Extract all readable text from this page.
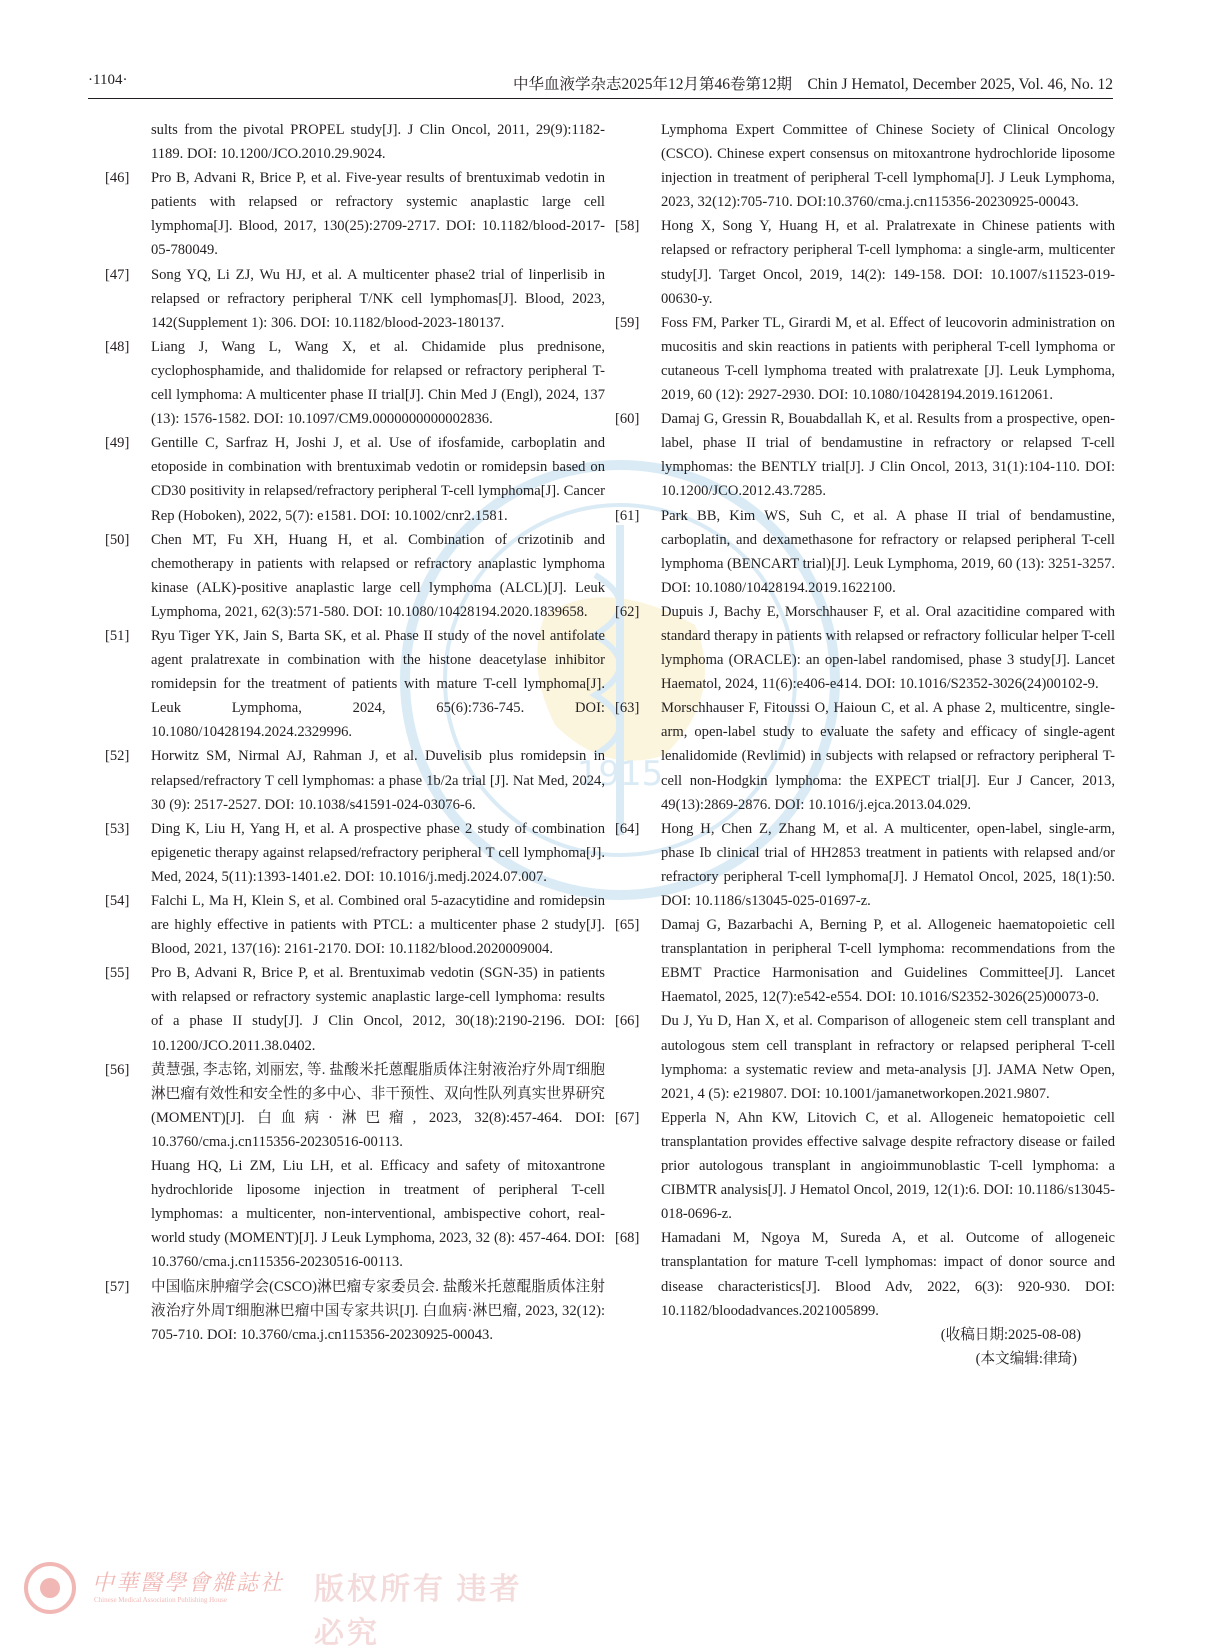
·1104·	中华血液学杂志2025年12月第46卷第12期　Chin J Hematol, December 2025, Vol. 46, No. 12
1915
sults from the pivotal PROPEL study[J]. J Clin Oncol, 2011, 29(9):1182-1189. DOI: 10.1200/JCO.2010.29.9024.
[46] Pro B, Advani R, Brice P, et al. Five-year results of brentuximab vedotin in patients with relapsed or refractory systemic anaplastic large cell lymphoma[J]. Blood, 2017, 130(25):2709-2717. DOI: 10.1182/blood-2017-05-780049.
[47] Song YQ, Li ZJ, Wu HJ, et al. A multicenter phase2 trial of linperlisib in relapsed or refractory peripheral T/NK cell lymphomas[J]. Blood, 2023, 142(Supplement 1): 306. DOI: 10.1182/blood-2023-180137.
[48] Liang J, Wang L, Wang X, et al. Chidamide plus prednisone, cyclophosphamide, and thalidomide for relapsed or refractory peripheral T-cell lymphoma: A multicenter phase II trial[J]. Chin Med J (Engl), 2024, 137 (13): 1576-1582. DOI: 10.1097/CM9.0000000000002836.
[49] Gentille C, Sarfraz H, Joshi J, et al. Use of ifosfamide, carboplatin and etoposide in combination with brentuximab vedotin or romidepsin based on CD30 positivity in relapsed/refractory peripheral T-cell lymphoma[J]. Cancer Rep (Hoboken), 2022, 5(7): e1581. DOI: 10.1002/cnr2.1581.
[50] Chen MT, Fu XH, Huang H, et al. Combination of crizotinib and chemotherapy in patients with relapsed or refractory anaplastic lymphoma kinase (ALK)-positive anaplastic large cell lymphoma (ALCL)[J]. Leuk Lymphoma, 2021, 62(3):571-580. DOI: 10.1080/10428194.2020.1839658.
[51] Ryu Tiger YK, Jain S, Barta SK, et al. Phase II study of the novel antifolate agent pralatrexate in combination with the histone deacetylase inhibitor romidepsin for the treatment of patients with mature T-cell lymphoma[J]. Leuk Lymphoma, 2024, 65(6):736-745. DOI: 10.1080/10428194.2024.2329996.
[52] Horwitz SM, Nirmal AJ, Rahman J, et al. Duvelisib plus romidepsin in relapsed/refractory T cell lymphomas: a phase 1b/2a trial [J]. Nat Med, 2024, 30 (9): 2517-2527. DOI: 10.1038/s41591-024-03076-6.
[53] Ding K, Liu H, Yang H, et al. A prospective phase 2 study of combination epigenetic therapy against relapsed/refractory peripheral T cell lymphoma[J]. Med, 2024, 5(11):1393-1401.e2. DOI: 10.1016/j.medj.2024.07.007.
[54] Falchi L, Ma H, Klein S, et al. Combined oral 5-azacytidine and romidepsin are highly effective in patients with PTCL: a multicenter phase 2 study[J]. Blood, 2021, 137(16): 2161-2170. DOI: 10.1182/blood.2020009004.
[55] Pro B, Advani R, Brice P, et al. Brentuximab vedotin (SGN-35) in patients with relapsed or refractory systemic anaplastic large-cell lymphoma: results of a phase II study[J]. J Clin Oncol, 2012, 30(18):2190-2196. DOI: 10.1200/JCO.2011.38.0402.
[56] 黄慧强, 李志铭, 刘丽宏, 等. 盐酸米托蒽醌脂质体注射液治疗外周T细胞淋巴瘤有效性和安全性的多中心、非干预性、双向性队列真实世界研究(MOMENT)[J]. 白血病·淋巴瘤, 2023, 32(8):457-464. DOI: 10.3760/cma.j.cn115356-20230516-00113.
Huang HQ, Li ZM, Liu LH, et al. Efficacy and safety of mitoxantrone hydrochloride liposome injection in treatment of peripheral T-cell lymphomas: a multicenter, non-interventional, ambispective cohort, real-world study (MOMENT)[J]. J Leuk Lymphoma, 2023, 32 (8): 457-464. DOI: 10.3760/cma.j.cn115356-20230516-00113.
[57] 中国临床肿瘤学会(CSCO)淋巴瘤专家委员会. 盐酸米托蒽醌脂质体注射液治疗外周T细胞淋巴瘤中国专家共识[J]. 白血病·淋巴瘤, 2023, 32(12): 705-710. DOI: 10.3760/cma.j.cn115356-20230925-00043.
Lymphoma Expert Committee of Chinese Society of Clinical Oncology (CSCO). Chinese expert consensus on mitoxantrone hydrochloride liposome injection in treatment of peripheral T-cell lymphoma[J]. J Leuk Lymphoma, 2023, 32(12):705-710. DOI:10.3760/cma.j.cn115356-20230925-00043.
[58] Hong X, Song Y, Huang H, et al. Pralatrexate in Chinese patients with relapsed or refractory peripheral T-cell lymphoma: a single-arm, multicenter study[J]. Target Oncol, 2019, 14(2): 149-158. DOI: 10.1007/s11523-019-00630-y.
[59] Foss FM, Parker TL, Girardi M, et al. Effect of leucovorin administration on mucositis and skin reactions in patients with peripheral T-cell lymphoma or cutaneous T-cell lymphoma treated with pralatrexate [J]. Leuk Lymphoma, 2019, 60 (12): 2927-2930. DOI: 10.1080/10428194.2019.1612061.
[60] Damaj G, Gressin R, Bouabdallah K, et al. Results from a prospective, open-label, phase II trial of bendamustine in refractory or relapsed T-cell lymphomas: the BENTLY trial[J]. J Clin Oncol, 2013, 31(1):104-110. DOI: 10.1200/JCO.2012.43.7285.
[61] Park BB, Kim WS, Suh C, et al. A phase II trial of bendamustine, carboplatin, and dexamethasone for refractory or relapsed peripheral T-cell lymphoma (BENCART trial)[J]. Leuk Lymphoma, 2019, 60 (13): 3251-3257. DOI: 10.1080/10428194.2019.1622100.
[62] Dupuis J, Bachy E, Morschhauser F, et al. Oral azacitidine compared with standard therapy in patients with relapsed or refractory follicular helper T-cell lymphoma (ORACLE): an open-label randomised, phase 3 study[J]. Lancet Haematol, 2024, 11(6):e406-e414. DOI: 10.1016/S2352-3026(24)00102-9.
[63] Morschhauser F, Fitoussi O, Haioun C, et al. A phase 2, multicentre, single-arm, open-label study to evaluate the safety and efficacy of single-agent lenalidomide (Revlimid) in subjects with relapsed or refractory peripheral T-cell non-Hodgkin lymphoma: the EXPECT trial[J]. Eur J Cancer, 2013, 49(13):2869-2876. DOI: 10.1016/j.ejca.2013.04.029.
[64] Hong H, Chen Z, Zhang M, et al. A multicenter, open-label, single-arm, phase Ib clinical trial of HH2853 treatment in patients with relapsed and/or refractory peripheral T-cell lymphoma[J]. J Hematol Oncol, 2025, 18(1):50. DOI: 10.1186/s13045-025-01697-z.
[65] Damaj G, Bazarbachi A, Berning P, et al. Allogeneic haematopoietic cell transplantation in peripheral T-cell lymphoma: recommendations from the EBMT Practice Harmonisation and Guidelines Committee[J]. Lancet Haematol, 2025, 12(7):e542-e554. DOI: 10.1016/S2352-3026(25)00073-0.
[66] Du J, Yu D, Han X, et al. Comparison of allogeneic stem cell transplant and autologous stem cell transplant in refractory or relapsed peripheral T-cell lymphoma: a systematic review and meta-analysis [J]. JAMA Netw Open, 2021, 4 (5): e219807. DOI: 10.1001/jamanetworkopen.2021.9807.
[67] Epperla N, Ahn KW, Litovich C, et al. Allogeneic hematopoietic cell transplantation provides effective salvage despite refractory disease or failed prior autologous transplant in angioimmunoblastic T-cell lymphoma: a CIBMTR analysis[J]. J Hematol Oncol, 2019, 12(1):6. DOI: 10.1186/s13045-018-0696-z.
[68] Hamadani M, Ngoya M, Sureda A, et al. Outcome of allogeneic transplantation for mature T-cell lymphomas: impact of donor source and disease characteristics[J]. Blood Adv, 2022, 6(3): 920-930. DOI: 10.1182/bloodadvances.2021005899.
(收稿日期:2025-08-08)
(本文编辑:律琦)
中華醫學會雜誌社
Chinese Medical Association Publishing House	版权所有 违者必究
